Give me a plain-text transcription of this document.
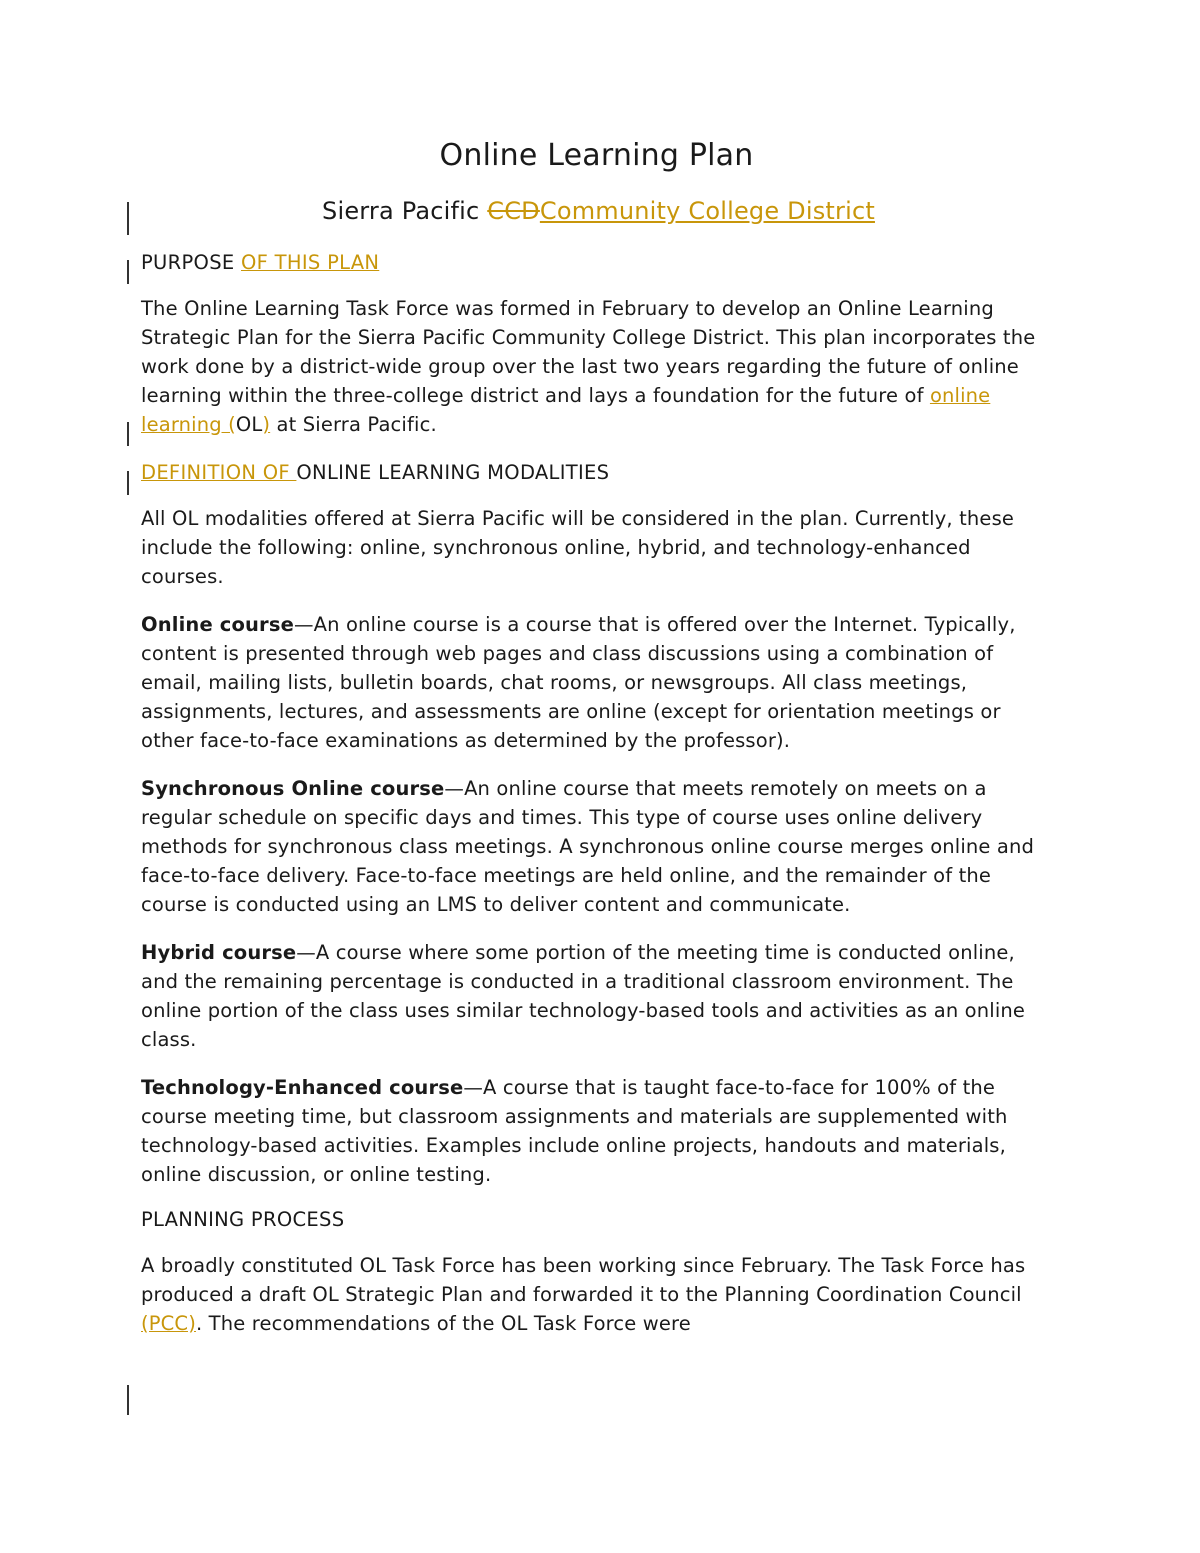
Online Learning Plan
Sierra Pacific CCDCommunity College District
PURPOSE OF THIS PLAN

The Online Learning Task Force was formed in February to develop an Online Learning Strategic Plan for the Sierra Pacific Community College District. This plan incorporates the work done by a district-wide group over the last two years regarding the future of online learning within the three-college district and lays a foundation for the future of online learning (OL) at Sierra Pacific.

DEFINITION OF ONLINE LEARNING MODALITIES

All OL modalities offered at Sierra Pacific will be considered in the plan. Currently, these include the following: online, synchronous online, hybrid, and technology-enhanced courses.

Online course—An online course is a course that is offered over the Internet. Typically, content is presented through web pages and class discussions using a combination of email, mailing lists, bulletin boards, chat rooms, or newsgroups. All class meetings, assignments, lectures, and assessments are online (except for orientation meetings or other face-to-face examinations as determined by the professor).

Synchronous Online course—An online course that meets remotely on meets on a regular schedule on specific days and times. This type of course uses online delivery methods for synchronous class meetings. A synchronous online course merges online and face-to-face delivery. Face-to-face meetings are held online, and the remainder of the course is conducted using an LMS to deliver content and communicate.

Hybrid course—A course where some portion of the meeting time is conducted online, and the remaining percentage is conducted in a traditional classroom environment. The online portion of the class uses similar technology-based tools and activities as an online class.

Technology-Enhanced course—A course that is taught face-to-face for 100% of the course meeting time, but classroom assignments and materials are supplemented with technology-based activities. Examples include online projects, handouts and materials, online discussion, or online testing.

PLANNING PROCESS

A broadly constituted OL Task Force has been working since February. The Task Force has produced a draft OL Strategic Plan and forwarded it to the Planning Coordination Council (PCC). The recommendations of the OL Task Force were
